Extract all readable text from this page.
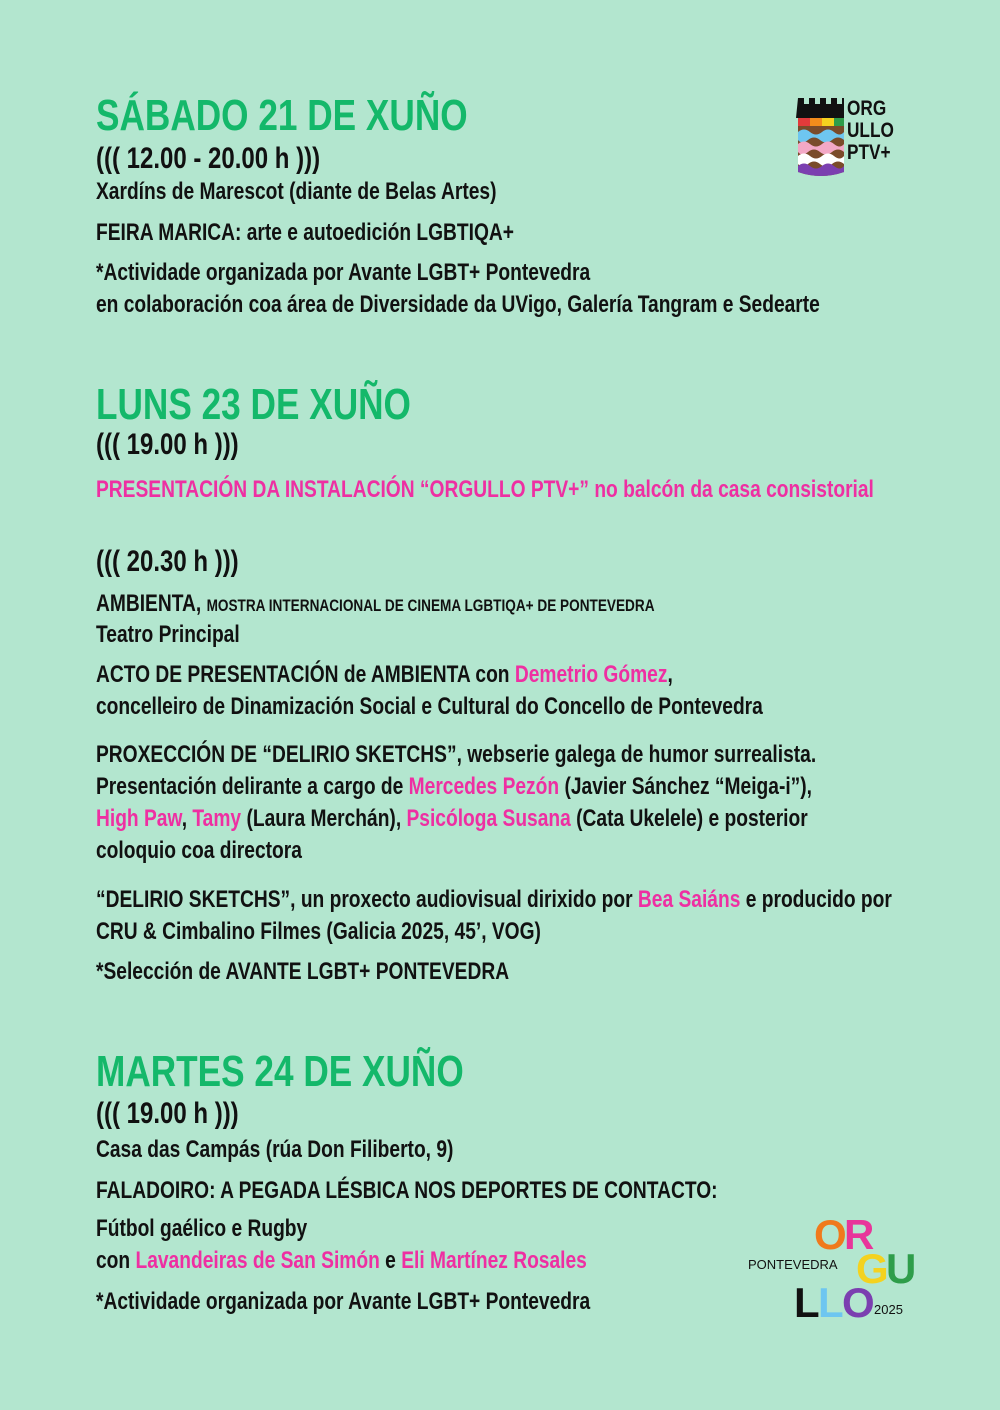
ORG
ULLO
PTV+
SÁBADO 21 DE XUÑO
((( 12.00 - 20.00 h )))
Xardíns de Marescot (diante de Belas Artes)
FEIRA MARICA: arte e autoedición LGBTIQA+
*Actividade organizada por Avante LGBT+ Pontevedra
en colaboración coa área de Diversidade da UVigo, Galería Tangram e Sedearte
LUNS 23 DE XUÑO
((( 19.00 h )))
PRESENTACIÓN DA INSTALACIÓN “ORGULLO PTV+” no balcón da casa consistorial
((( 20.30 h )))
AMBIENTA, MOSTRA INTERNACIONAL DE CINEMA LGBTIQA+ DE PONTEVEDRA
Teatro Principal
ACTO DE PRESENTACIÓN de AMBIENTA con Demetrio Gómez,
concelleiro de Dinamización Social e Cultural do Concello de Pontevedra
PROXECCIÓN DE “DELIRIO SKETCHS”, webserie galega de humor surrealista.
Presentación delirante a cargo de Mercedes Pezón (Javier Sánchez “Meiga-i”),
High Paw, Tamy (Laura Merchán), Psicóloga Susana (Cata Ukelele) e posterior
coloquio coa directora
“DELIRIO SKETCHS”, un proxecto audiovisual dirixido por Bea Saiáns e producido por
CRU & Cimbalino Filmes (Galicia 2025, 45’, VOG)
*Selección de AVANTE LGBT+ PONTEVEDRA
MARTES 24 DE XUÑO
((( 19.00 h )))
Casa das Campás (rúa Don Filiberto, 9)
FALADOIRO: A PEGADA LÉSBICA NOS DEPORTES DE CONTACTO:
Fútbol gaélico e Rugby
con Lavandeiras de San Simón e Eli Martínez Rosales
*Actividade organizada por Avante LGBT+ Pontevedra
O
R
PONTEVEDRA G
U
L
L
O 2025
